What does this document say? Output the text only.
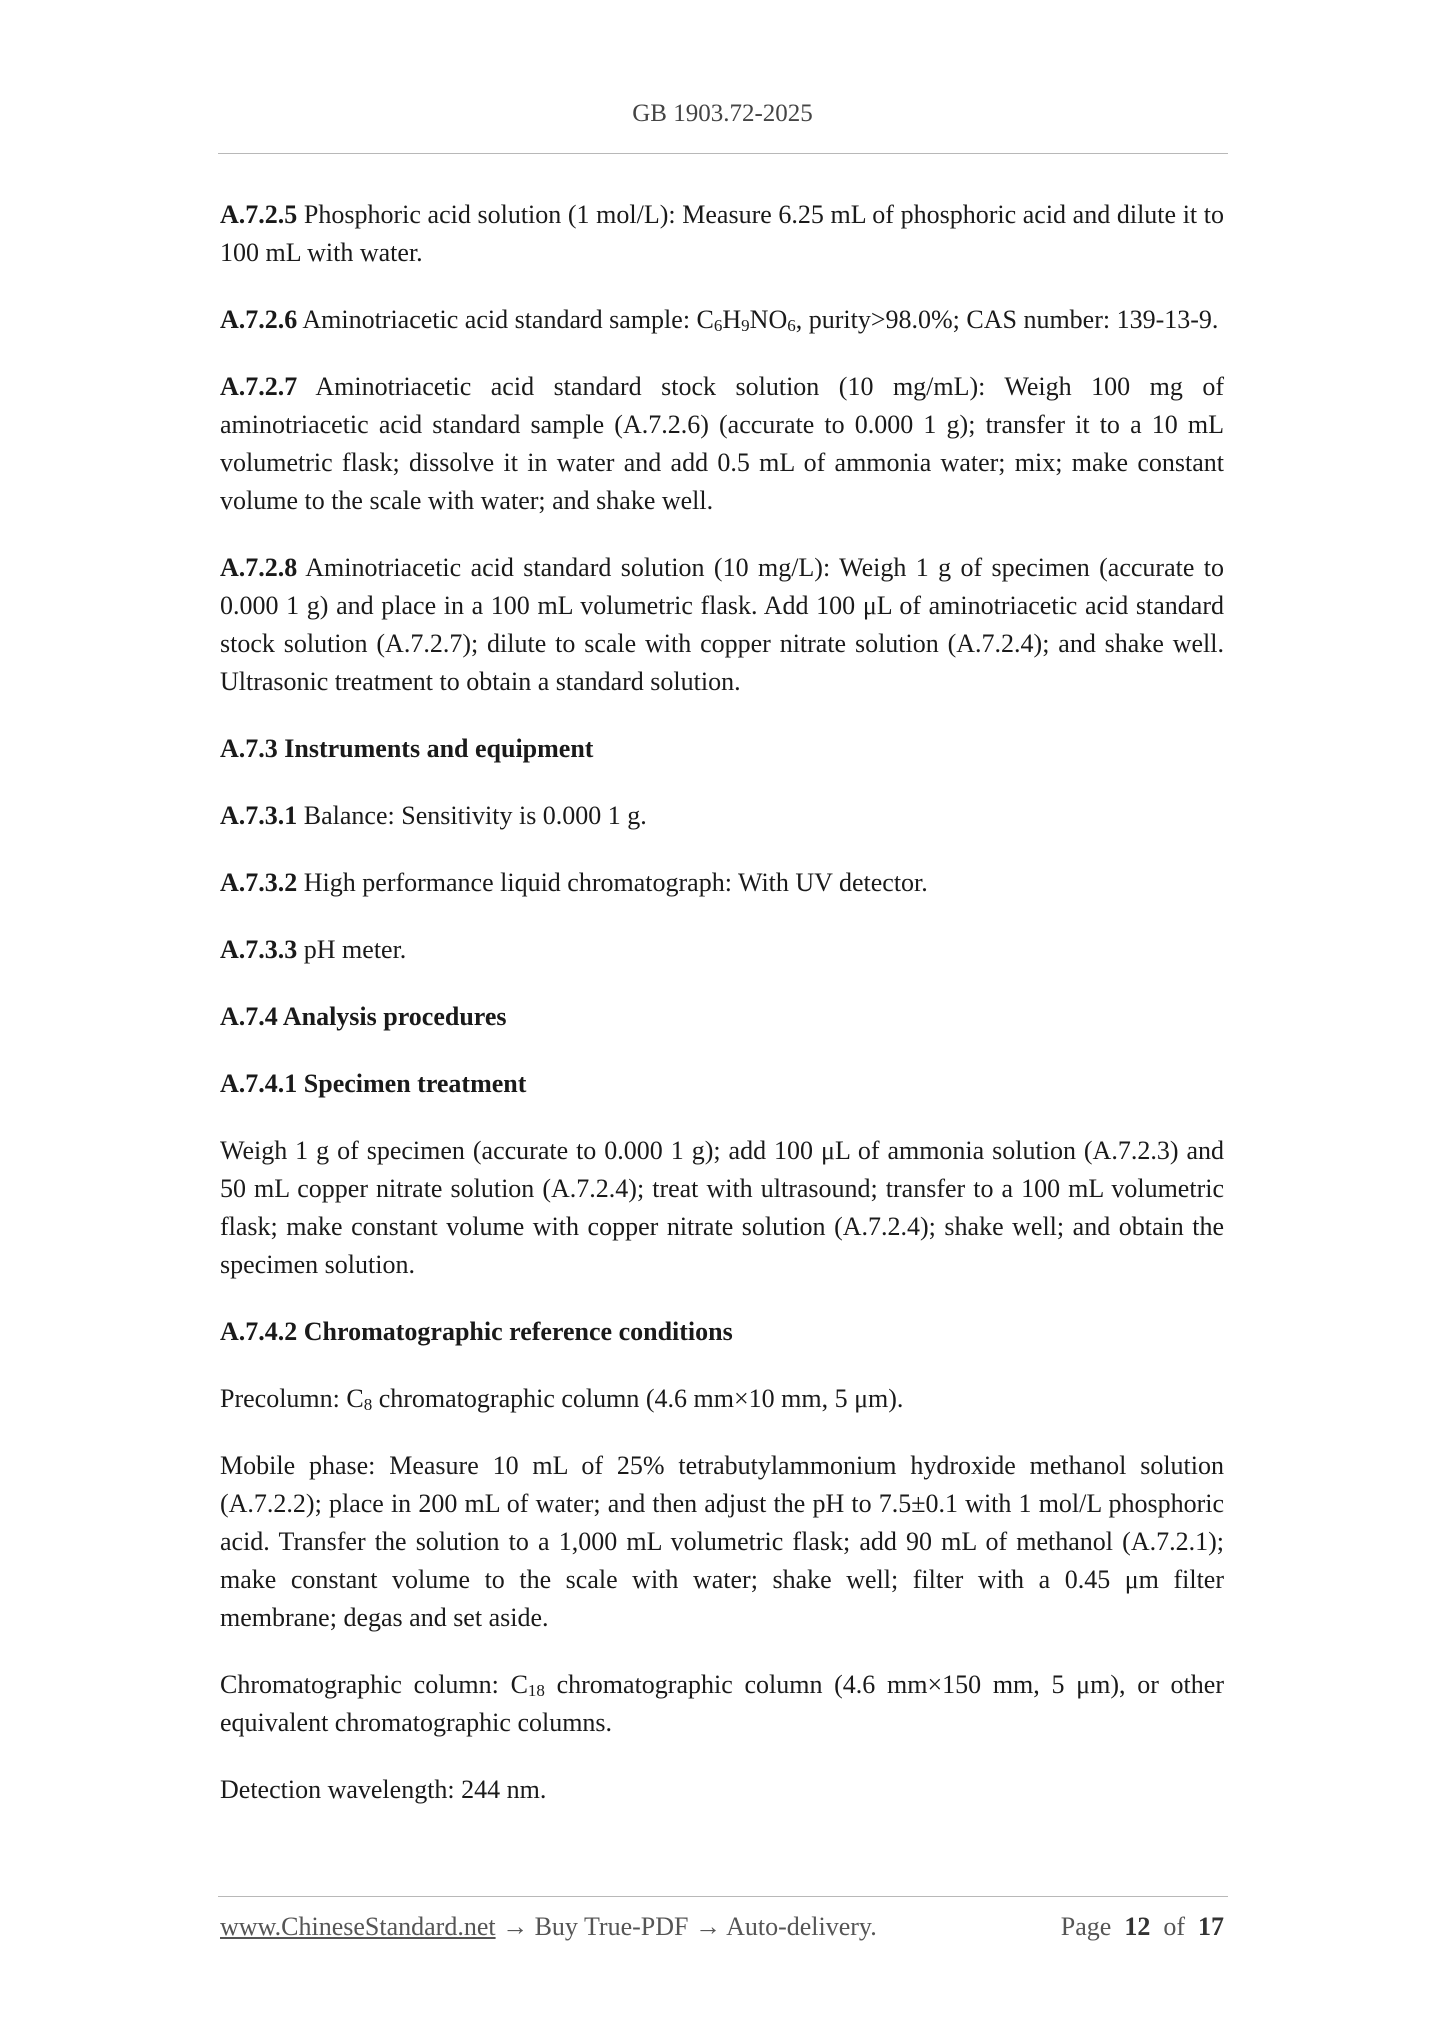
GB 1903.72-2025

A.7.2.5 Phosphoric acid solution (1 mol/L): Measure 6.25 mL of phosphoric acid and dilute it to 100 mL with water.

A.7.2.6 Aminotriacetic acid standard sample: $C_6H_9NO_6$, purity>98.0%; CAS number: 139-13-9.

A.7.2.7 Aminotriacetic acid standard stock solution (10 mg/mL): Weigh 100 mg of aminotriacetic acid standard sample (A.7.2.6) (accurate to 0.000 1 g); transfer it to a 10 mL volumetric flask; dissolve it in water and add 0.5 mL of ammonia water; mix; make constant volume to the scale with water; and shake well.

A.7.2.8 Aminotriacetic acid standard solution (10 mg/L): Weigh 1 g of specimen (accurate to 0.000 1 g) and place in a 100 mL volumetric flask. Add 100 μL of aminotriacetic acid standard stock solution (A.7.2.7); dilute to scale with copper nitrate solution (A.7.2.4); and shake well. Ultrasonic treatment to obtain a standard solution.

A.7.3 Instruments and equipment

A.7.3.1 Balance: Sensitivity is 0.000 1 g.

A.7.3.2 High performance liquid chromatograph: With UV detector.

A.7.3.3 pH meter.

A.7.4 Analysis procedures

A.7.4.1 Specimen treatment

Weigh 1 g of specimen (accurate to 0.000 1 g); add 100 μL of ammonia solution (A.7.2.3) and 50 mL copper nitrate solution (A.7.2.4); treat with ultrasound; transfer to a 100 mL volumetric flask; make constant volume with copper nitrate solution (A.7.2.4); shake well; and obtain the specimen solution.

A.7.4.2 Chromatographic reference conditions

Precolumn: $C_8$ chromatographic column (4.6 mm×10 mm, 5 μm).

Mobile phase: Measure 10 mL of 25% tetrabutylammonium hydroxide methanol solution (A.7.2.2); place in 200 mL of water; and then adjust the pH to 7.5±0.1 with 1 mol/L phosphoric acid. Transfer the solution to a 1,000 mL volumetric flask; add 90 mL of methanol (A.7.2.1); make constant volume to the scale with water; shake well; filter with a 0.45 μm filter membrane; degas and set aside.

Chromatographic column: $C_{18}$ chromatographic column (4.6 mm×150 mm, 5 μm), or other equivalent chromatographic columns.

Detection wavelength: 244 nm.

www.ChineseStandard.net → Buy True-PDF → Auto-delivery.	Page 12 of 17
